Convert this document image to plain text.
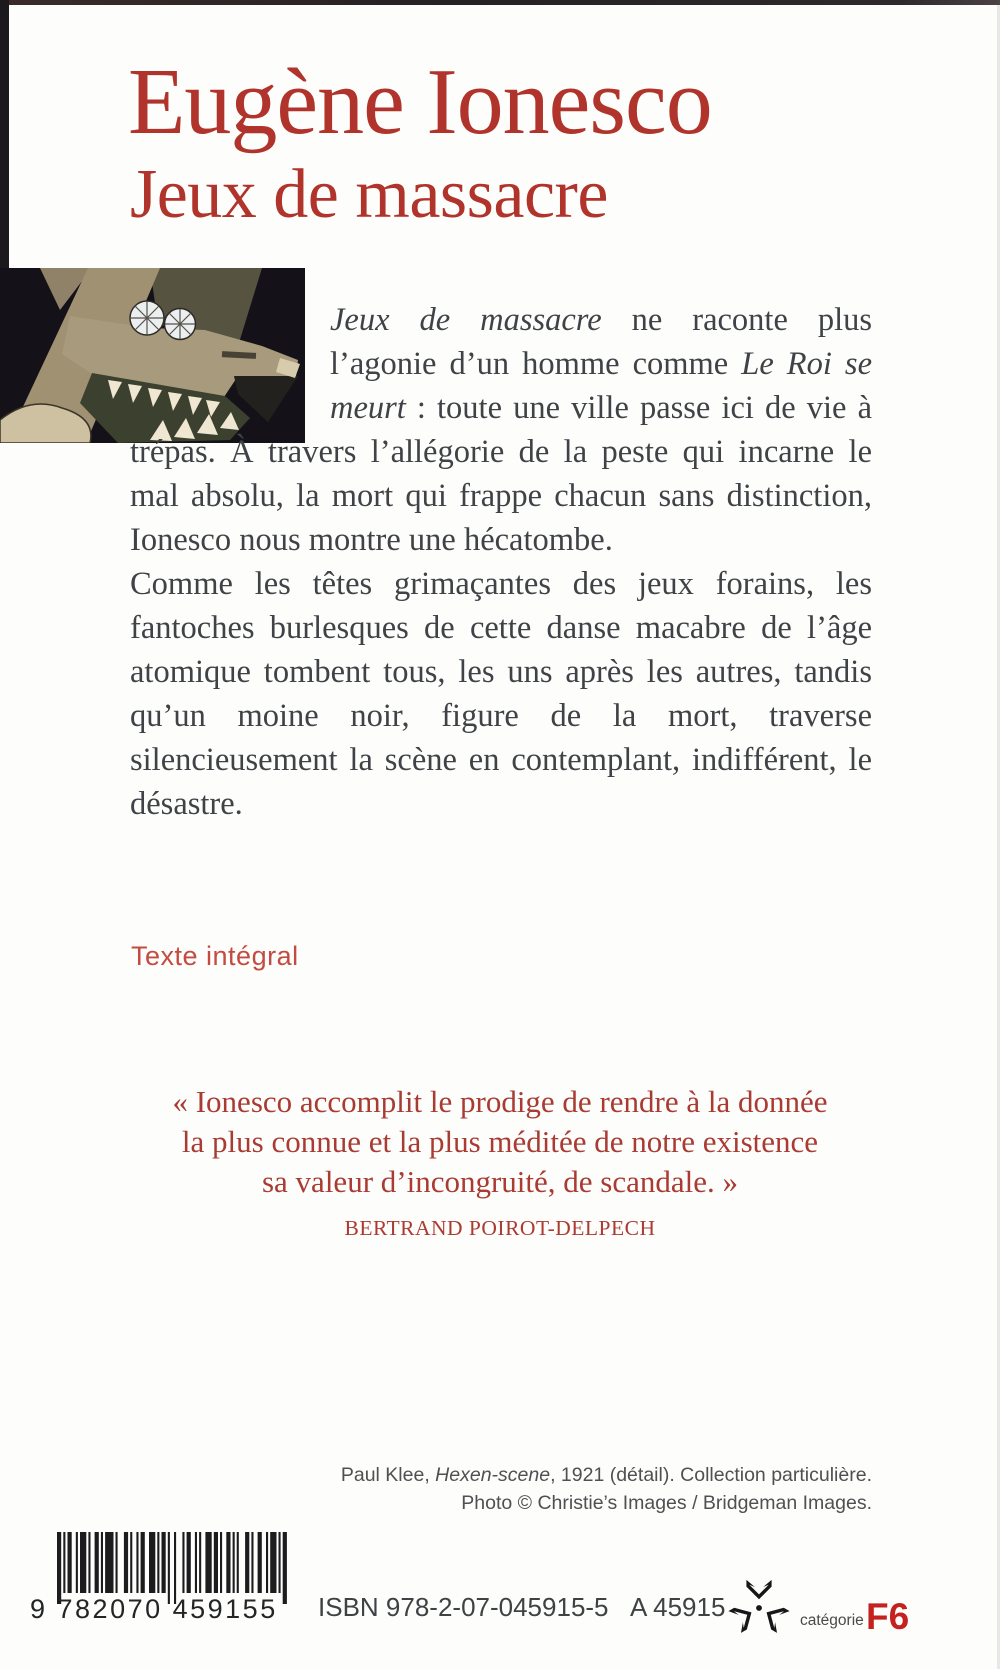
Eugène Ionesco
Jeux de massacre

Jeux de massacre ne raconte plus l’agonie d’un homme comme Le Roi se meurt : toute une ville passe ici de vie à trépas. À travers l’allégorie de la peste qui incarne le mal absolu, la mort qui frappe chacun sans distinction, Ionesco nous montre une hécatombe.

Comme les têtes grimaçantes des jeux forains, les fantoches burlesques de cette danse macabre de l’âge atomique tombent tous, les uns après les autres, tandis qu’un moine noir, figure de la mort, traverse silencieusement la scène en contemplant, indifférent, le désastre.

Texte intégral
« Ionesco accomplit le prodige de rendre à la donnée
la plus connue et la plus méditée de notre existence
sa valeur d’incongruité, de scandale. »
BERTRAND POIROT-DELPECH
Paul Klee, Hexen-scene, 1921 (détail). Collection particulière.
Photo © Christie’s Images / Bridgeman Images.
9 782070 459155 ISBN 978-2-07-045915-5 A 45915	catégorie F6
